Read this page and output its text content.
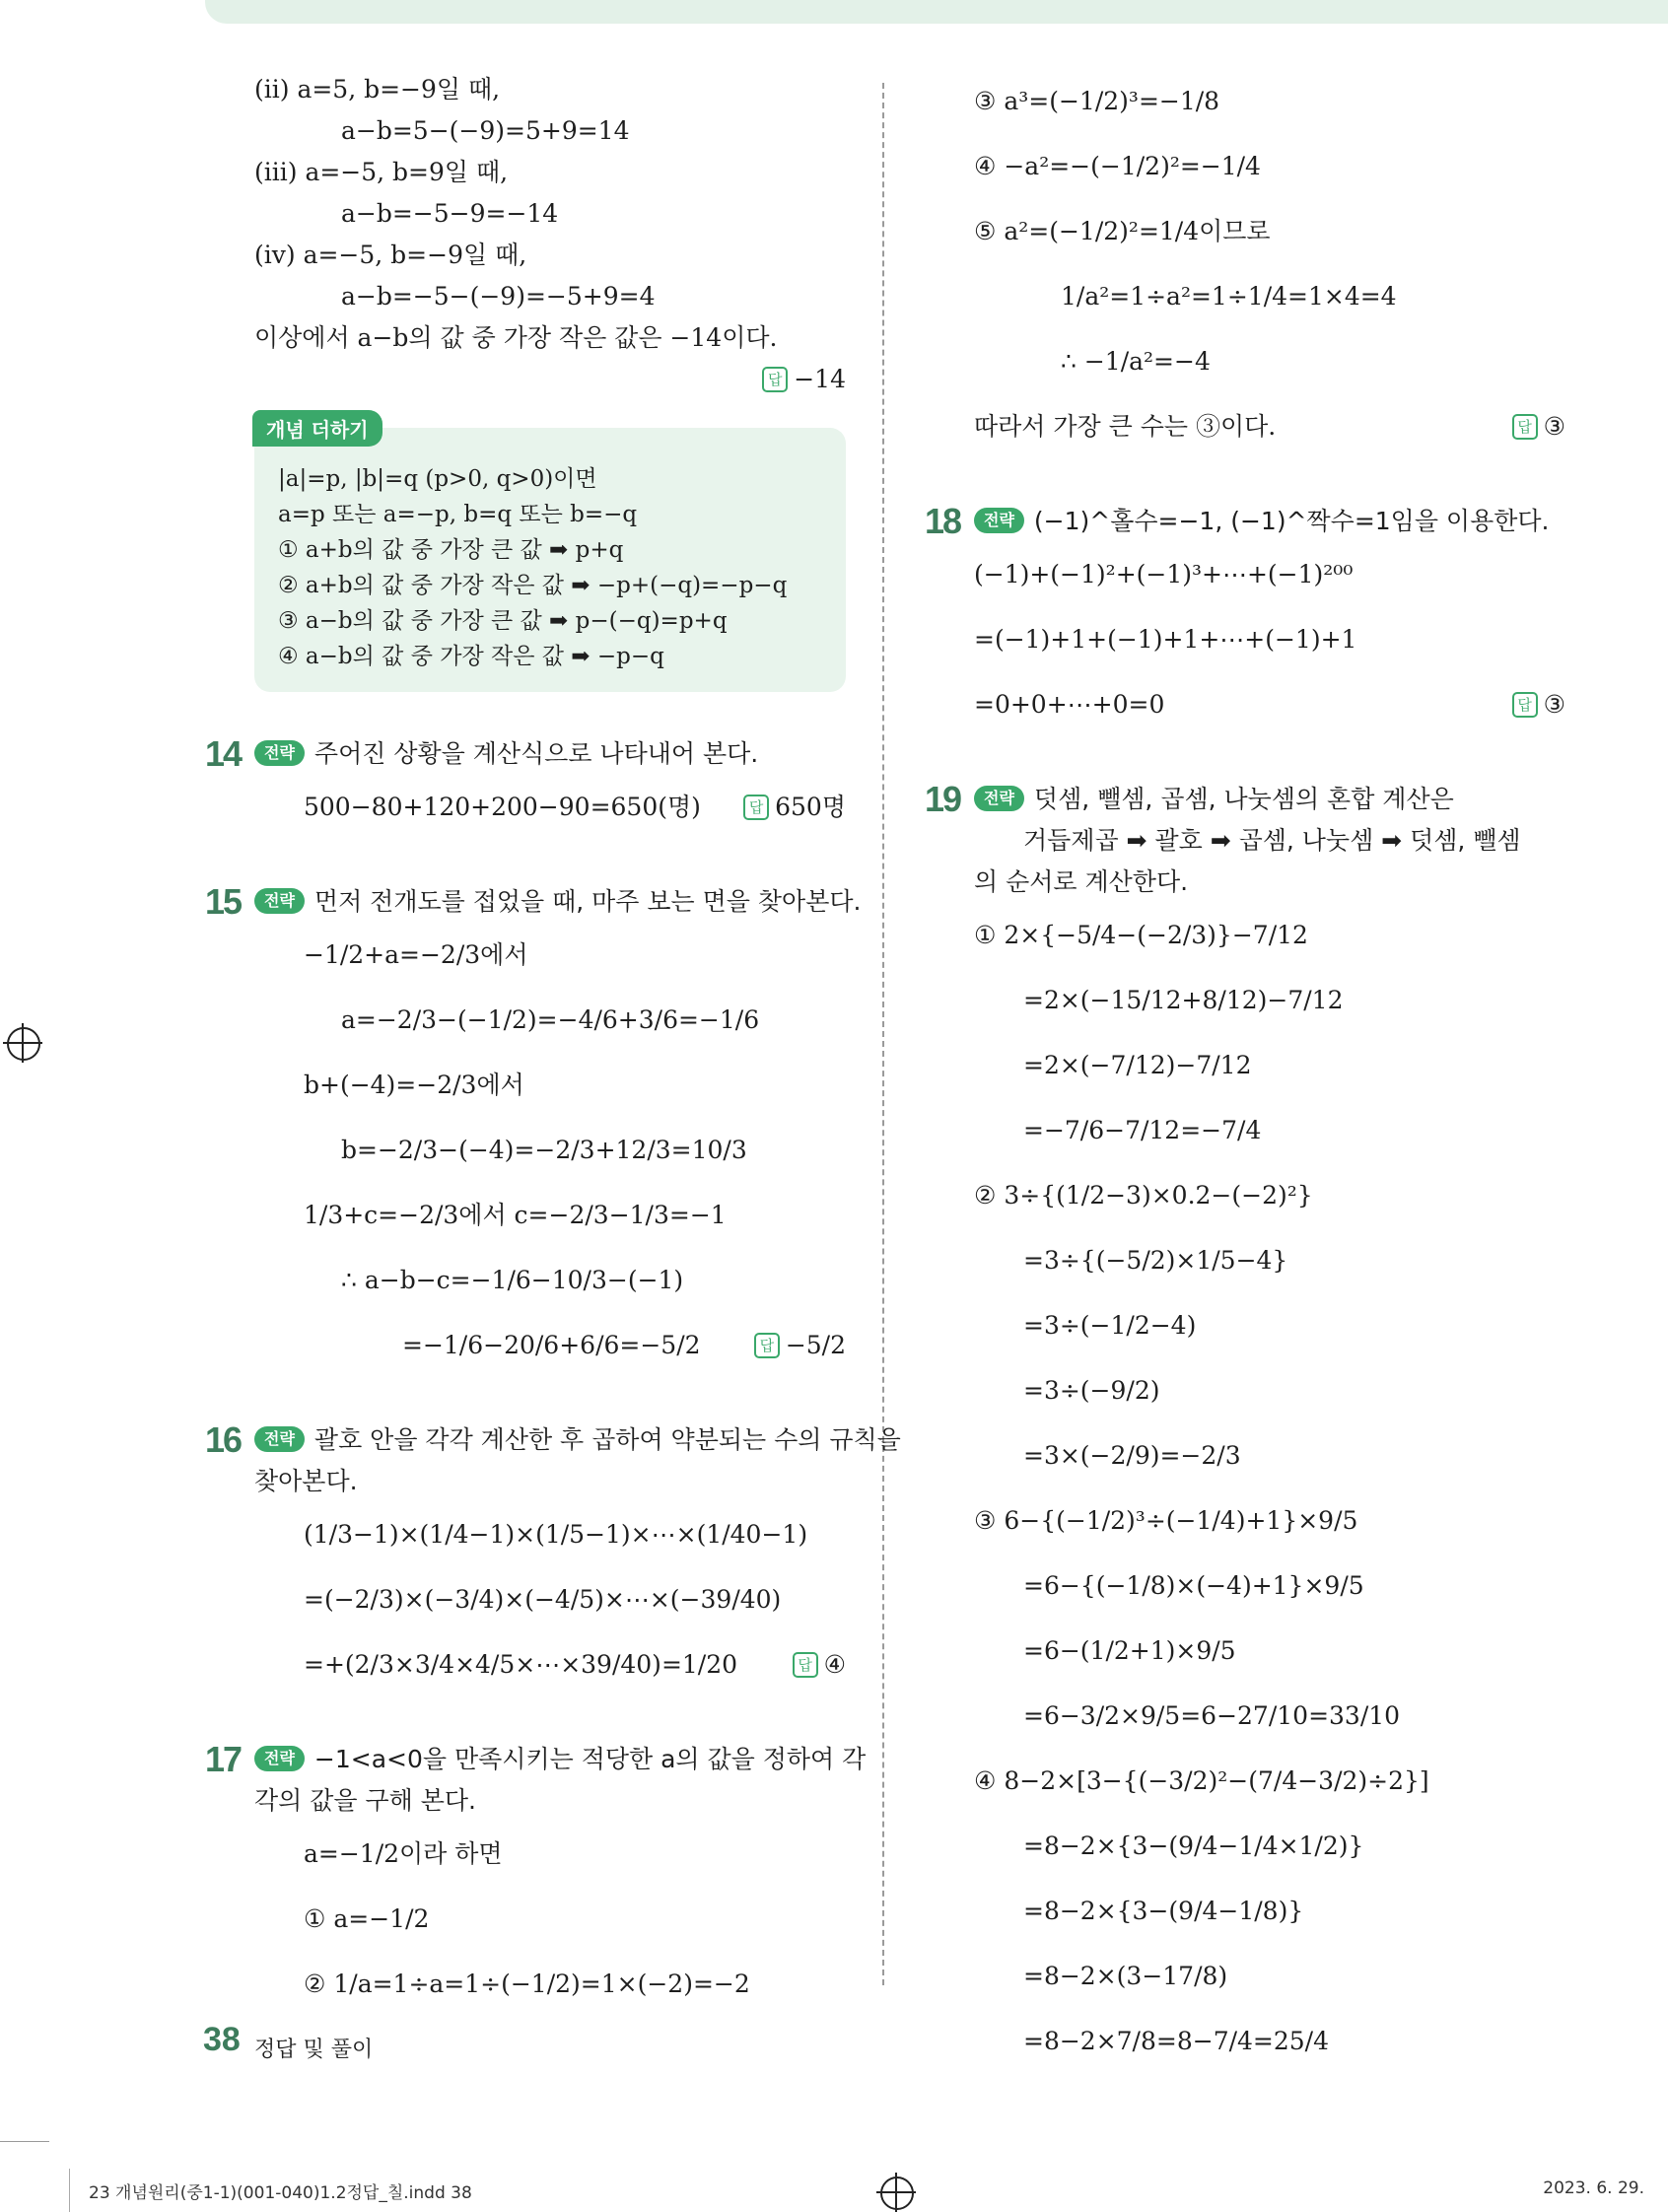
(ⅱ) a=5, b=−9일 때,
a−b=5−(−9)=5+9=14
(ⅲ) a=−5, b=9일 때,
a−b=−5−9=−14
(ⅳ) a=−5, b=−9일 때,
a−b=−5−(−9)=−5+9=4
이상에서 a−b의 값 중 가장 작은 값은 −14이다.
답 −14
개념 더하기
|a|=p, |b|=q (p>0, q>0)이면
a=p 또는 a=−p, b=q 또는 b=−q
① a+b의 값 중 가장 큰 값 ➡ p+q
② a+b의 값 중 가장 작은 값 ➡ −p+(−q)=−p−q
③ a−b의 값 중 가장 큰 값 ➡ p−(−q)=p+q
④ a−b의 값 중 가장 작은 값 ➡ −p−q
14 전략 주어진 상황을 계산식으로 나타내어 본다.
500−80+120+200−90=650(명)	답 650명
15 전략 먼저 전개도를 접었을 때, 마주 보는 면을 찾아본다.
−1/2+a=−2/3에서
a=−2/3−(−1/2)=−4/6+3/6=−1/6
b+(−4)=−2/3에서
b=−2/3−(−4)=−2/3+12/3=10/3
1/3+c=−2/3에서 c=−2/3−1/3=−1
∴ a−b−c=−1/6−10/3−(−1)
=−1/6−20/6+6/6=−5/2	답 −5/2
16 전략 괄호 안을 각각 계산한 후 곱하여 약분되는 수의 규칙을
찾아본다.
(1/3−1)×(1/4−1)×(1/5−1)×⋯×(1/40−1)
=(−2/3)×(−3/4)×(−4/5)×⋯×(−39/40)
=+(2/3×3/4×4/5×⋯×39/40)=1/20	답 ④
17 전략 −1<a<0을 만족시키는 적당한 a의 값을 정하여 각
각의 값을 구해 본다.
a=−1/2이라 하면
① a=−1/2
② 1/a=1÷a=1÷(−1/2)=1×(−2)=−2
③ a³=(−1/2)³=−1/8
④ −a²=−(−1/2)²=−1/4
⑤ a²=(−1/2)²=1/4이므로
1/a²=1÷a²=1÷1/4=1×4=4
∴ −1/a²=−4
따라서 가장 큰 수는 ③이다.	답 ③
18 전략 (−1)^홀수=−1, (−1)^짝수=1임을 이용한다.
(−1)+(−1)²+(−1)³+⋯+(−1)²⁰⁰
=(−1)+1+(−1)+1+⋯+(−1)+1
=0+0+⋯+0=0	답 ③
19 전략 덧셈, 뺄셈, 곱셈, 나눗셈의 혼합 계산은
거듭제곱 ➡ 괄호 ➡ 곱셈, 나눗셈 ➡ 덧셈, 뺄셈
의 순서로 계산한다.
① 2×{−5/4−(−2/3)}−7/12
=2×(−15/12+8/12)−7/12
=2×(−7/12)−7/12
=−7/6−7/12=−7/4
② 3÷{(1/2−3)×0.2−(−2)²}
=3÷{(−5/2)×1/5−4}
=3÷(−1/2−4)
=3÷(−9/2)
=3×(−2/9)=−2/3
③ 6−{(−1/2)³÷(−1/4)+1}×9/5
=6−{(−1/8)×(−4)+1}×9/5
=6−(1/2+1)×9/5
=6−3/2×9/5=6−27/10=33/10
④ 8−2×[3−{(−3/2)²−(7/4−3/2)÷2}]
=8−2×{3−(9/4−1/4×1/2)}
=8−2×{3−(9/4−1/8)}
=8−2×(3−17/8)
=8−2×7/8=8−7/4=25/4
38 정답 및 풀이
23 개념원리(중1-1)(001-040)1.2정답_칠.indd 38	2023. 6. 29.
